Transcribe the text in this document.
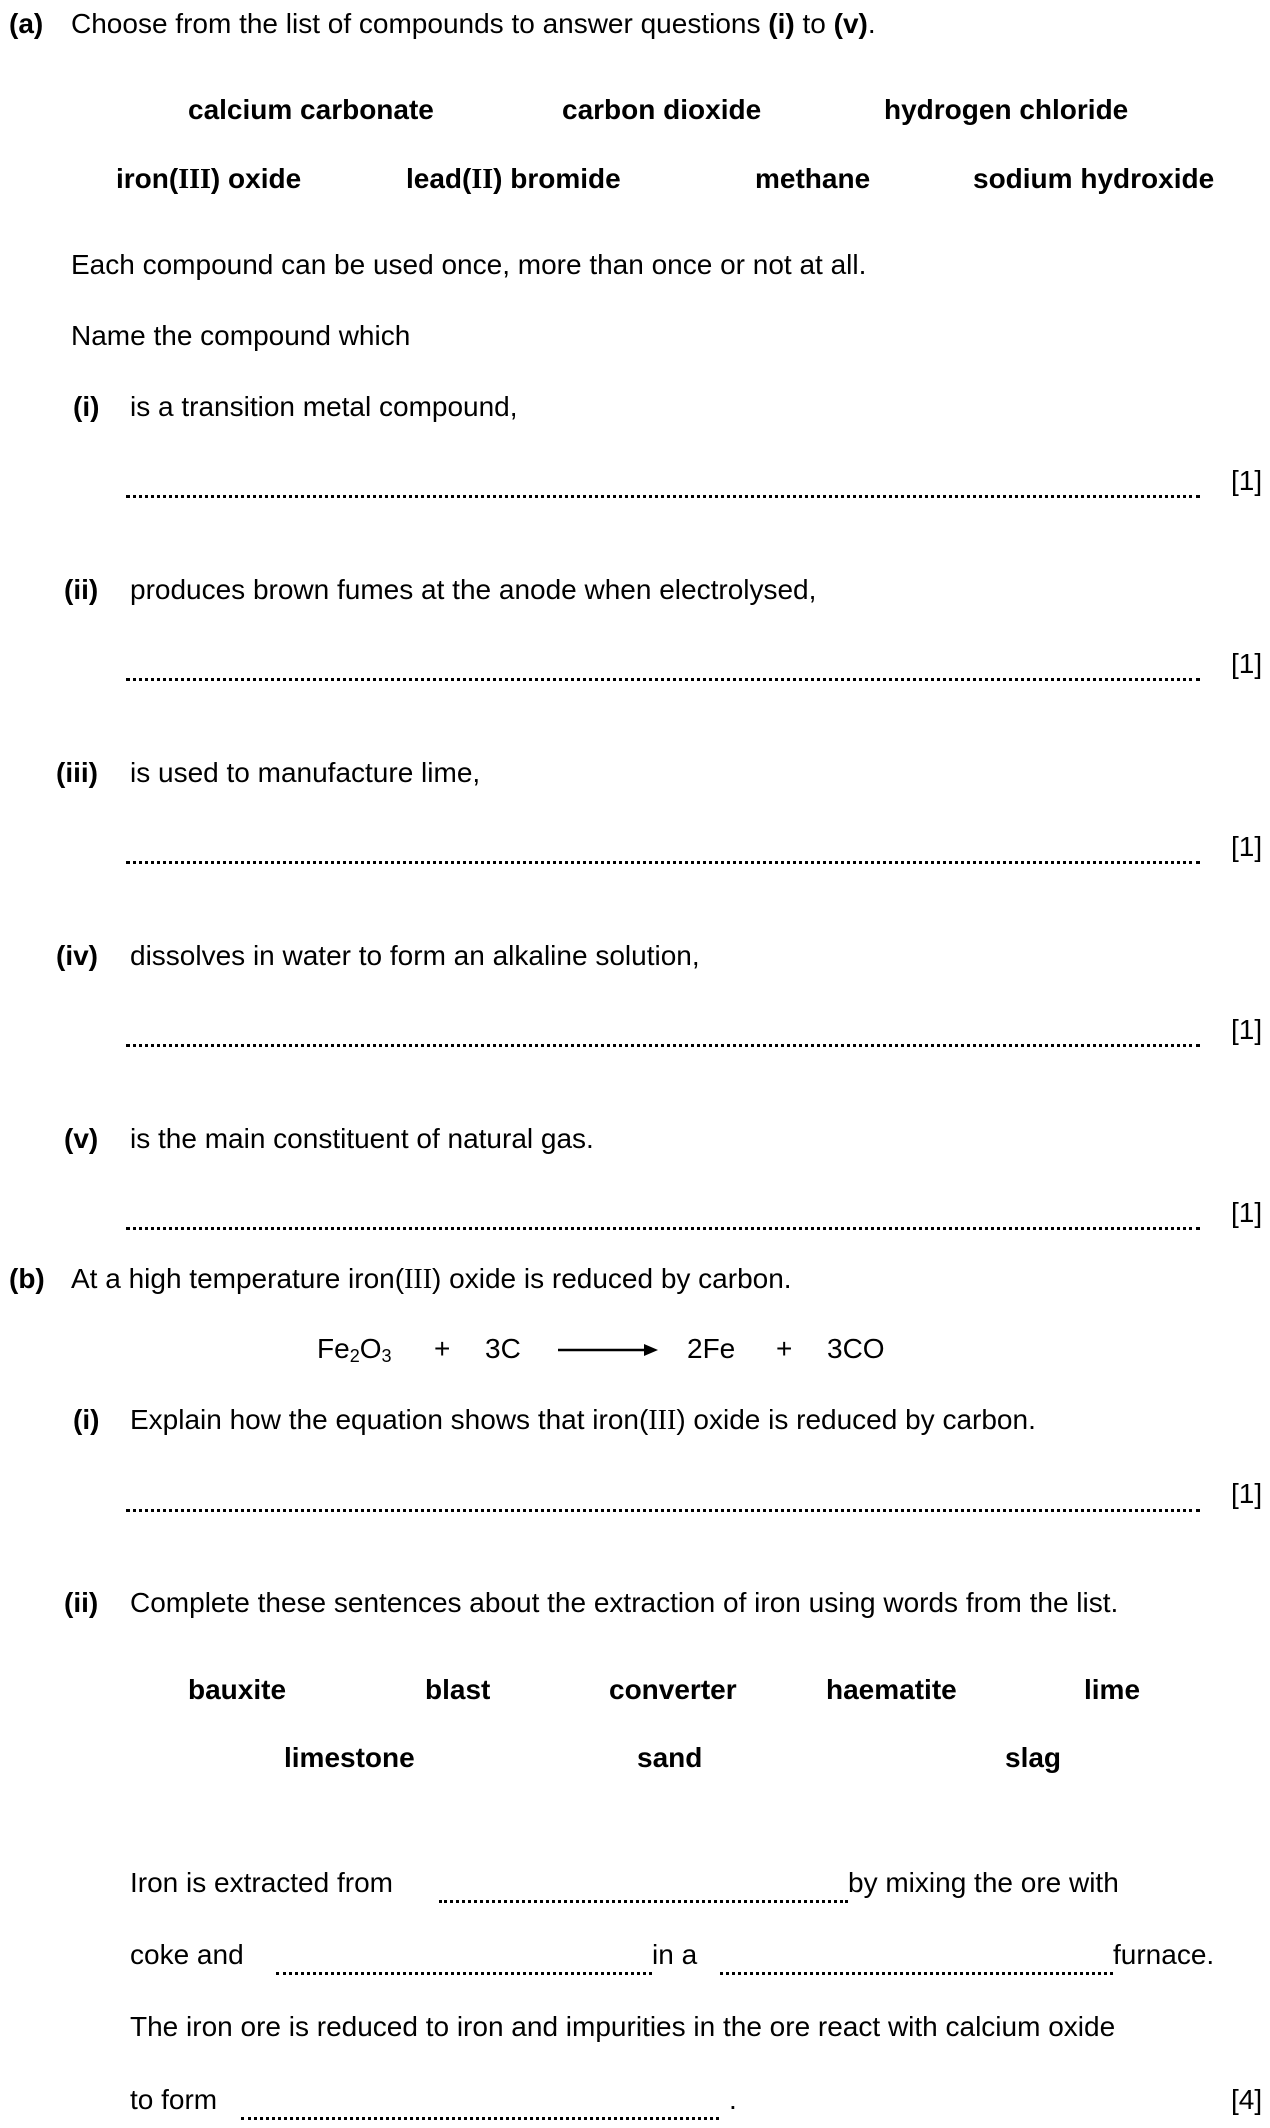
(a) Choose from the list of compounds to answer questions (i) to (v).
calcium carbonate	carbon dioxide	hydrogen chloride
iron(III) oxide	lead(II) bromide	methane	sodium hydroxide
Each compound can be used once, more than once or not at all.
Name the compound which
(i) is a transition metal compound,
[1]
(ii) produces brown fumes at the anode when electrolysed,
[1]
(iii) is used to manufacture lime,
[1]
(iv) dissolves in water to form an alkaline solution,
[1]
(v) is the main constituent of natural gas.
[1]
(b) At a high temperature iron(III) oxide is reduced by carbon.
$Fe_2O_3 + 3C \to 2Fe + 3CO$
(i) Explain how the equation shows that iron(III) oxide is reduced by carbon.
[1]
(ii) Complete these sentences about the extraction of iron using words from the list.
bauxite	blast	converter	haematite	lime
limestone	sand	slag
Iron is extracted from	by mixing the ore with
coke and	in a	furnace.
The iron ore is reduced to iron and impurities in the ore react with calcium oxide
to form	.	[4]
